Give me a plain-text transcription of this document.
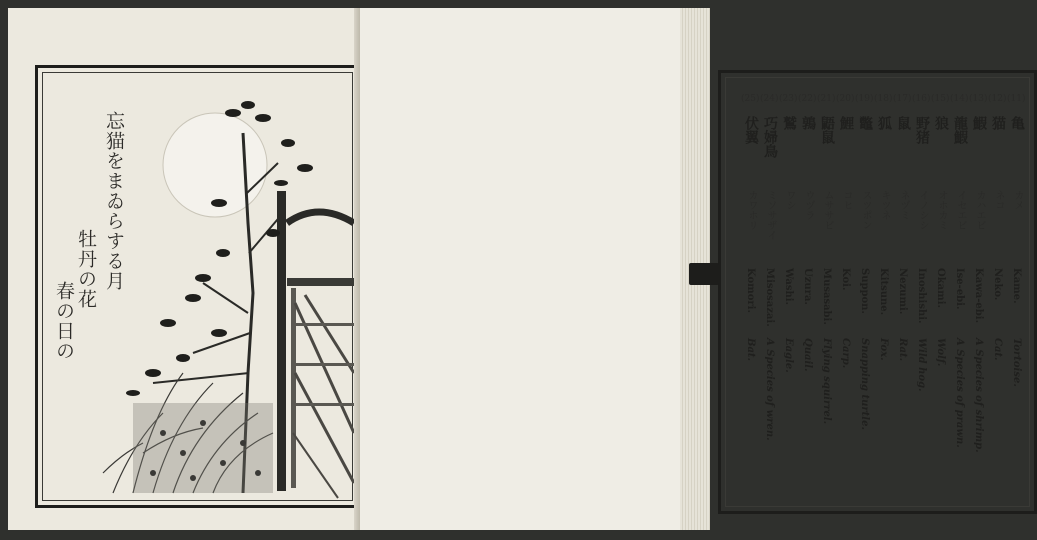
忘猫をまゐらする月
牡丹の花
春の日の
(11)
亀
カメ
Kame.
Tortoise.
(12)
猫
ネコ
Neko.
Cat.
(13)
鰕
カハエビ
Kawa-ebi.
A Species of shrimp.
(14)
龍鰕
イセエビ
Ise-ebi.
A Species of prawn.
(15)
狼
オホカミ
Okami.
Wolf.
(16)
野猪
イノシシ
Inoshishi.
Wild hog.
(17)
鼠
ネヅミ
Nezumi.
Rat.
(18)
狐
キツネ
Kitsune.
Fox.
(19)
鼈
スツポン
Suppon.
Snapping turtle.
(20)
鯉
コヒ
Koi.
Carp.
(21)
鼯鼠
ムササビ
Musasabi.
Flying squirrel.
(22)
鶉
ウヅラ
Uzura.
Quail.
(23)
鷲
ワシ
Washi.
Eagle.
(24)
巧婦鳥
ミソサザイ
Misosazai.
A Species of wren.
(25)
伏翼
カワホリ
Komori.
Bat.
